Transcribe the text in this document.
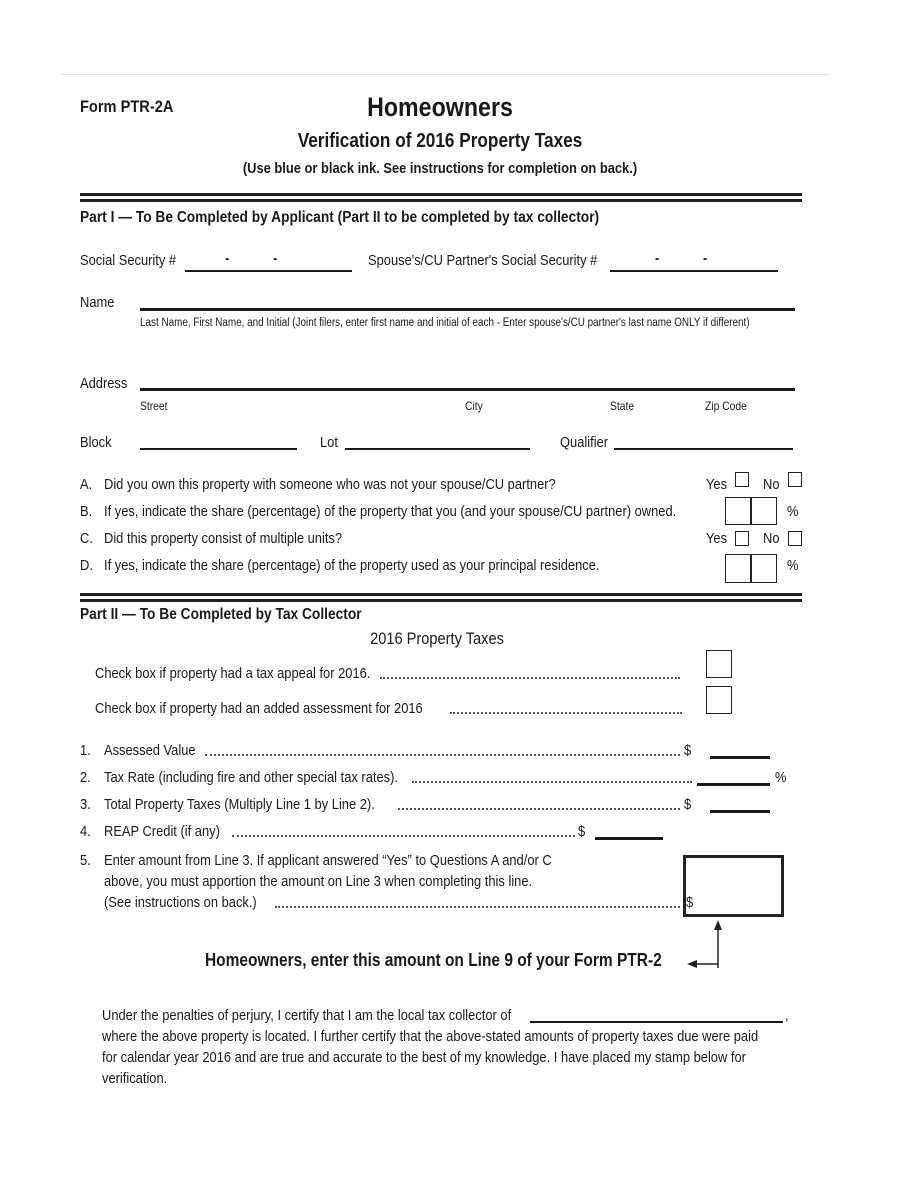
Form PTR-2A	Homeowners
Verification of 2016 Property Taxes
(Use blue or black ink. See instructions for completion on back.)
Part I — To Be Completed by Applicant (Part II to be completed by tax collector)
Social Security #	-	-	Spouse's/CU Partner's Social Security #	-	-
Name
Last Name, First Name, and Initial (Joint filers, enter first name and initial of each - Enter spouse's/CU partner's last name ONLY if different)
Address
Street	City	State	Zip Code
Block	Lot	Qualifier
A. Did you own this property with someone who was not your spouse/CU partner?	Yes No
B. If yes, indicate the share (percentage) of the property that you (and your spouse/CU partner) owned.	%
C. Did this property consist of multiple units?	Yes No
D. If yes, indicate the share (percentage) of the property used as your principal residence.	%
Part II — To Be Completed by Tax Collector
2016 Property Taxes
Check box if property had a tax appeal for 2016.
Check box if property had an added assessment for 2016
1. Assessed Value	$
2. Tax Rate (including fire and other special tax rates).	%
3. Total Property Taxes (Multiply Line 1 by Line 2).	$
4. REAP Credit (if any)	$
5. Enter amount from Line 3. If applicant answered “Yes” to Questions A and/or C
above, you must apportion the amount on Line 3 when completing this line.
(See instructions on back.)	$
Homeowners, enter this amount on Line 9 of your Form PTR-2
Under the penalties of perjury, I certify that I am the local tax collector of	,
where the above property is located. I further certify that the above-stated amounts of property taxes due were paid
for calendar year 2016 and are true and accurate to the best of my knowledge. I have placed my stamp below for
verification.
